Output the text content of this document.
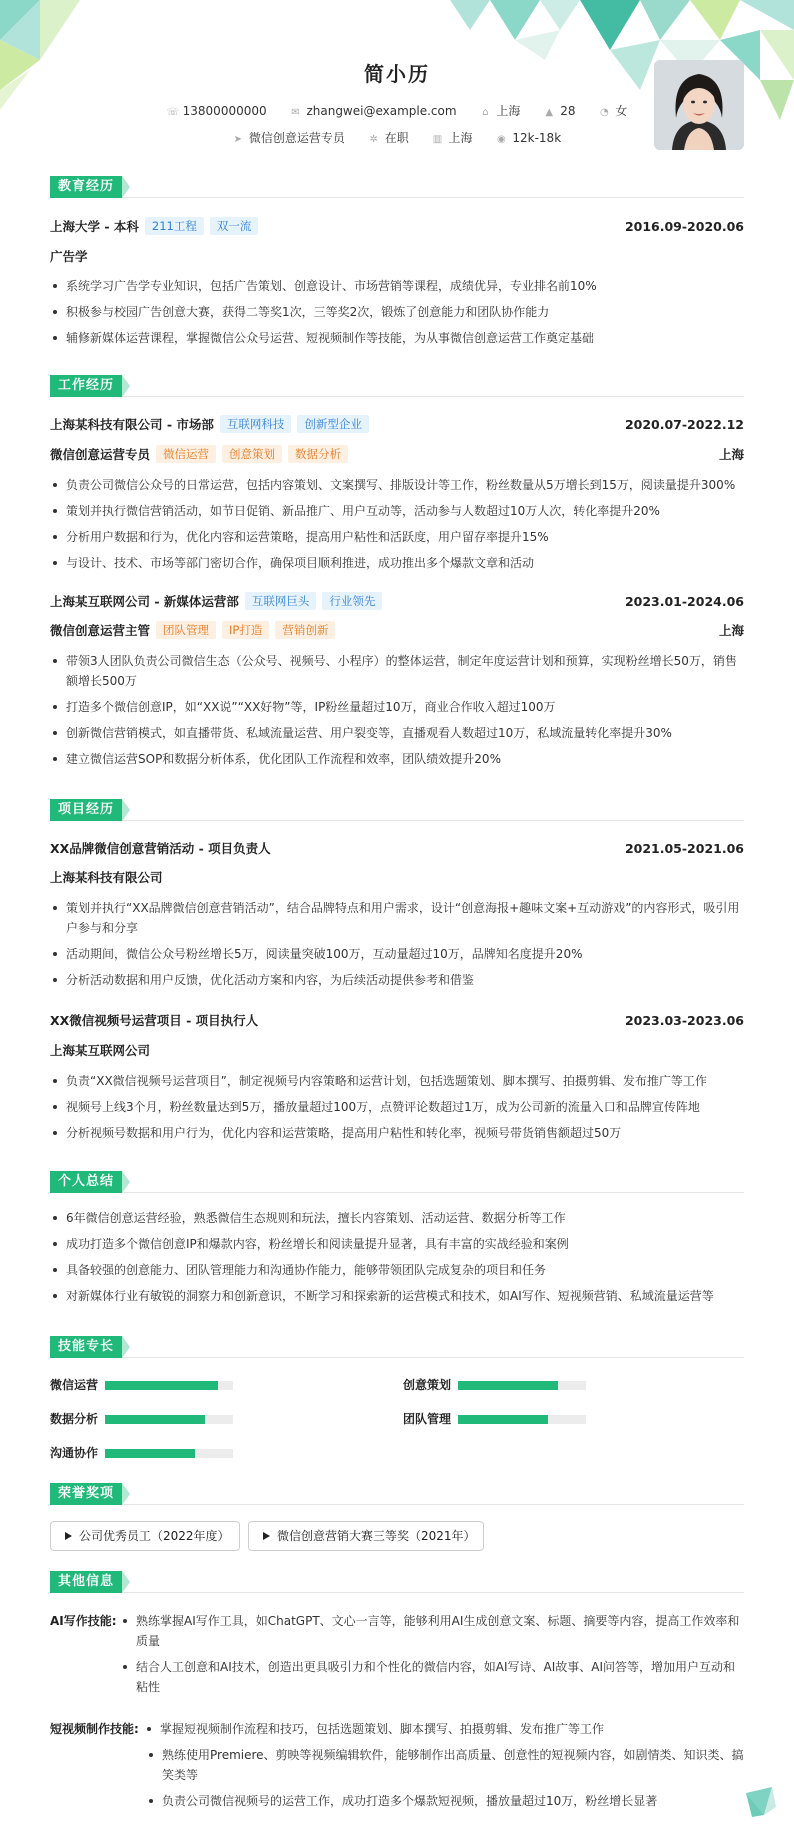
简小历
☏ 13800000000 ✉ zhangwei@example.com	⌂ 上海 ▲ 28 ◔ 女
➤ 微信创意运营专员 ✲ 在职 ▥ 上海 ◉ 12k-18k
教育经历
上海大学 - 本科 211工程 双一流	2016.09-2020.06
广告学
系统学习广告学专业知识，包括广告策划、创意设计、市场营销等课程，成绩优异，专业排名前10%
积极参与校园广告创意大赛，获得二等奖1次，三等奖2次，锻炼了创意能力和团队协作能力
辅修新媒体运营课程，掌握微信公众号运营、短视频制作等技能，为从事微信创意运营工作奠定基础
工作经历
上海某科技有限公司 - 市场部 互联网科技 创新型企业	2020.07-2022.12
微信创意运营专员 微信运营 创意策划 数据分析	上海
负责公司微信公众号的日常运营，包括内容策划、文案撰写、排版设计等工作，粉丝数量从5万增长到15万，阅读量提升300%
策划并执行微信营销活动，如节日促销、新品推广、用户互动等，活动参与人数超过10万人次，转化率提升20%
分析用户数据和行为，优化内容和运营策略，提高用户粘性和活跃度，用户留存率提升15%
与设计、技术、市场等部门密切合作，确保项目顺利推进，成功推出多个爆款文章和活动
上海某互联网公司 - 新媒体运营部 互联网巨头 行业领先	2023.01-2024.06
微信创意运营主管 团队管理 IP打造 营销创新	上海
带领3人团队负责公司微信生态（公众号、视频号、小程序）的整体运营，制定年度运营计划和预算，实现粉丝增长50万，销售额增长500万
打造多个微信创意IP，如“XX说”“XX好物”等，IP粉丝量超过10万，商业合作收入超过100万
创新微信营销模式，如直播带货、私域流量运营、用户裂变等，直播观看人数超过10万，私域流量转化率提升30%
建立微信运营SOP和数据分析体系，优化团队工作流程和效率，团队绩效提升20%
项目经历
XX品牌微信创意营销活动 - 项目负责人	2021.05-2021.06
上海某科技有限公司
策划并执行“XX品牌微信创意营销活动”，结合品牌特点和用户需求，设计“创意海报+趣味文案+互动游戏”的内容形式，吸引用户参与和分享
活动期间，微信公众号粉丝增长5万，阅读量突破100万，互动量超过10万，品牌知名度提升20%
分析活动数据和用户反馈，优化活动方案和内容，为后续活动提供参考和借鉴
XX微信视频号运营项目 - 项目执行人	2023.03-2023.06
上海某互联网公司
负责“XX微信视频号运营项目”，制定视频号内容策略和运营计划，包括选题策划、脚本撰写、拍摄剪辑、发布推广等工作
视频号上线3个月，粉丝数量达到5万，播放量超过100万，点赞评论数超过1万，成为公司新的流量入口和品牌宣传阵地
分析视频号数据和用户行为，优化内容和运营策略，提高用户粘性和转化率，视频号带货销售额超过50万
个人总结
6年微信创意运营经验，熟悉微信生态规则和玩法，擅长内容策划、活动运营、数据分析等工作
成功打造多个微信创意IP和爆款内容，粉丝增长和阅读量提升显著，具有丰富的实战经验和案例
具备较强的创意能力、团队管理能力和沟通协作能力，能够带领团队完成复杂的项目和任务
对新媒体行业有敏锐的洞察力和创新意识，不断学习和探索新的运营模式和技术，如AI写作、短视频营销、私域流量运营等
技能专长
微信运营	创意策划
数据分析	团队管理
沟通协作
荣誉奖项
公司优秀员工（2022年度）	微信创意营销大赛三等奖（2021年）
其他信息
AI写作技能:	熟练掌握AI写作工具，如ChatGPT、文心一言等，能够利用AI生成创意文案、标题、摘要等内容，提高工作效率和质量
结合人工创意和AI技术，创造出更具吸引力和个性化的微信内容，如AI写诗、AI故事、AI问答等，增加用户互动和粘性
短视频制作技能:	掌握短视频制作流程和技巧，包括选题策划、脚本撰写、拍摄剪辑、发布推广等工作
熟练使用Premiere、剪映等视频编辑软件，能够制作出高质量、创意性的短视频内容，如剧情类、知识类、搞笑类等
负责公司微信视频号的运营工作，成功打造多个爆款短视频，播放量超过10万，粉丝增长显著
